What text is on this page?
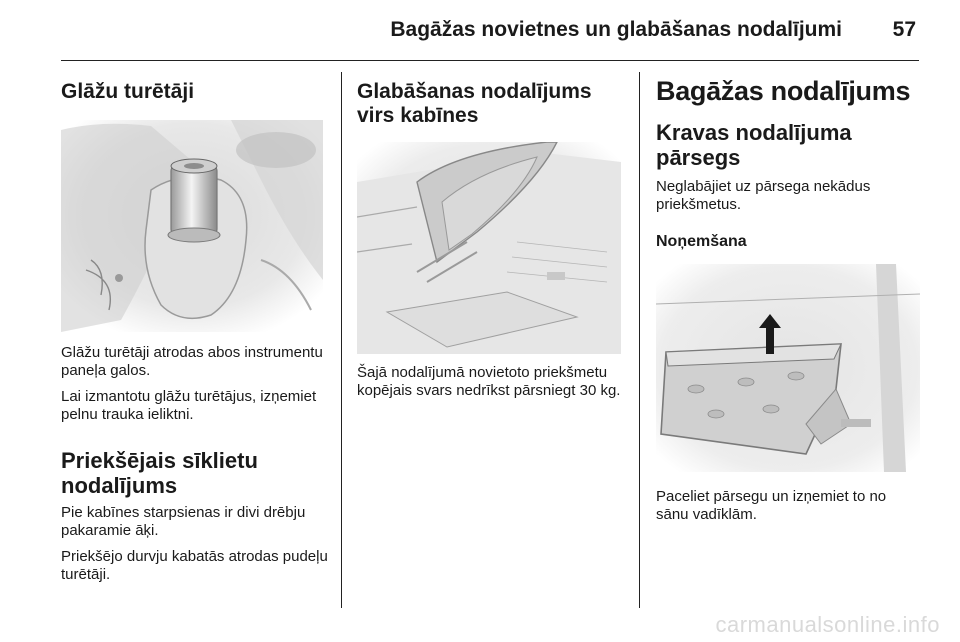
Bagāžas novietnes un glabāšanas nodalījumi 57
Glāžu turētāji

Glāžu turētāji atrodas abos instrumentu paneļa galos.

Lai izmantotu glāžu turētājus, izņemiet pelnu trauka ieliktni.

Priekšējais sīklietu
nodalījums

Pie kabīnes starpsienas ir divi drēbju pakaramie āķi.

Priekšējo durvju kabatās atrodas pudeļu turētāji.

Glabāšanas nodalījums
virs kabīnes

Šajā nodalījumā novietoto priekšmetu kopējais svars nedrīkst pārsniegt 30 kg.

Bagāžas nodalījums
Kravas nodalījuma
pārsegs

Neglabājiet uz pārsega nekādus priekšmetus.

Noņemšana

Paceliet pārsegu un izņemiet to no sānu vadīklām.

carmanualsonline.info
